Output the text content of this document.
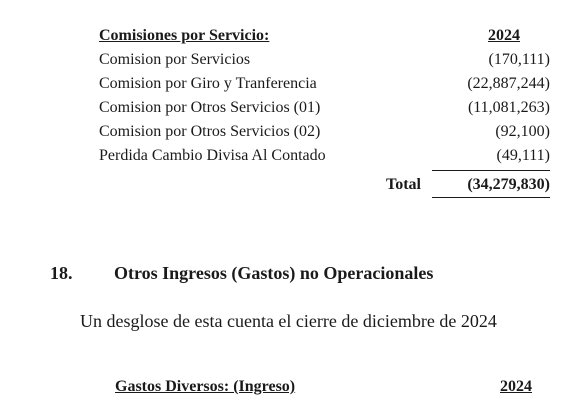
Comisiones por Servicio:	2024
Comision por Servicios	(170,111)
Comision por Giro y Tranferencia	(22,887,244)
Comision por Otros Servicios (01)	(11,081,263)
Comision por Otros Servicios (02)	(92,100)
Perdida Cambio Divisa Al Contado	(49,111)
Total	(34,279,830)
18. Otros Ingresos (Gastos) no Operacionales
Un desglose de esta cuenta el cierre de diciembre de 2024
Gastos Diversos: (Ingreso)	2024
